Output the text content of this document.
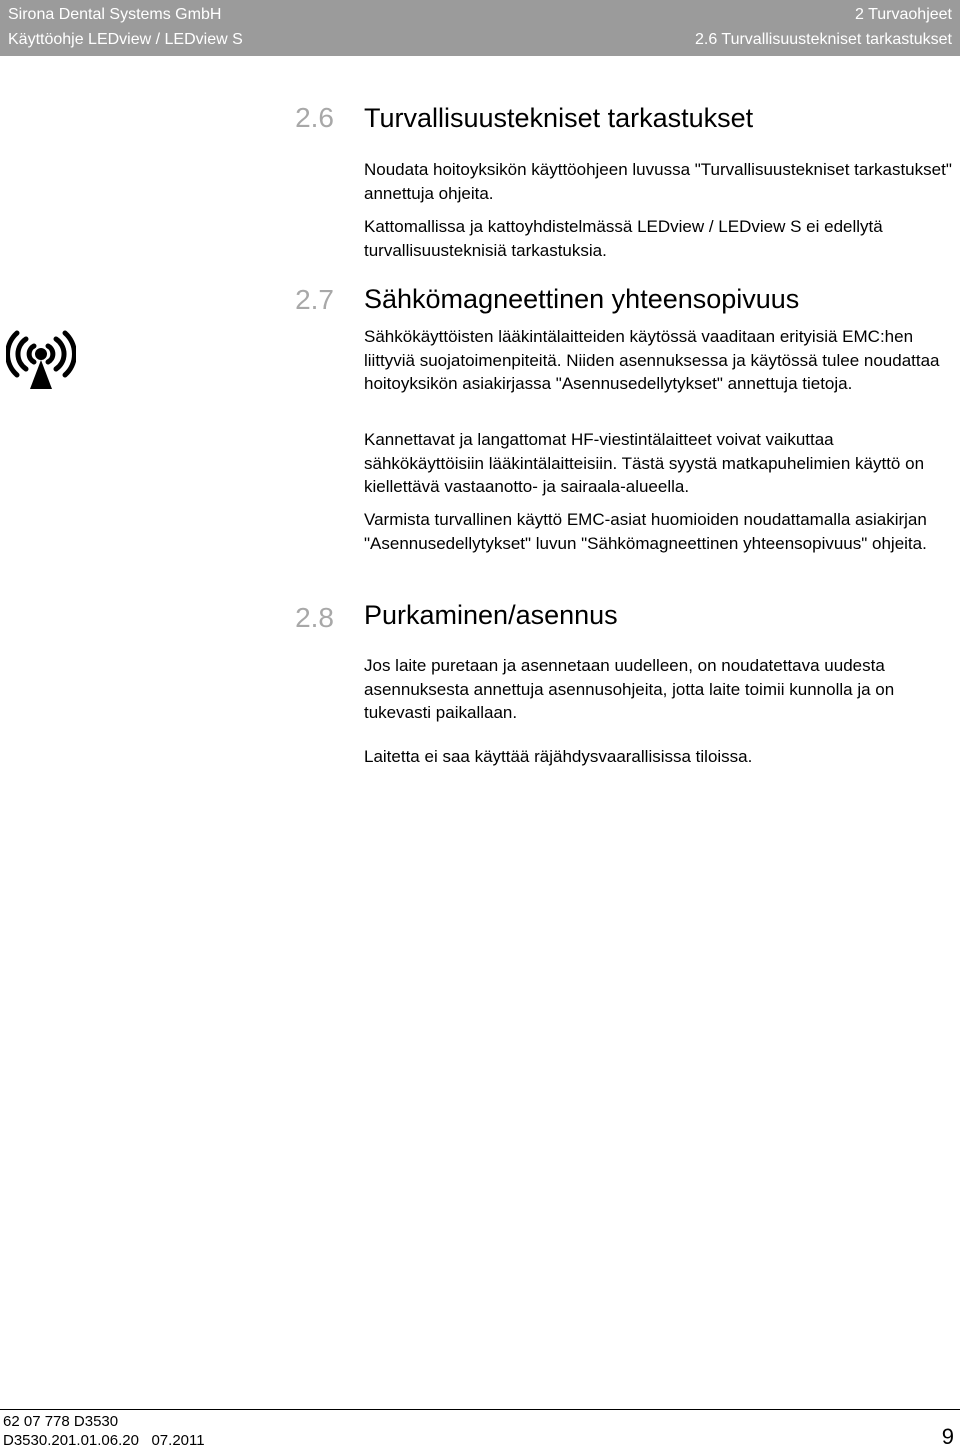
Sirona Dental Systems GmbH
Käyttöohje LEDview / LEDview S
2 Turvaohjeet
2.6 Turvallisuustekniset tarkastukset
2.6 Turvallisuustekniset tarkastukset
Noudata hoitoyksikön käyttöohjeen luvussa "Turvallisuustekniset tarkastukset" annettuja ohjeita.
Kattomallissa ja kattoyhdistelmässä LEDview / LEDview S ei edellytä turvallisuusteknisiä tarkastuksia.
2.7 Sähkömagneettinen yhteensopivuus
Sähkökäyttöisten lääkintälaitteiden käytössä vaaditaan erityisiä EMC:hen liittyviä suojatoimenpiteitä. Niiden asennuksessa ja käytössä tulee noudattaa hoitoyksikön asiakirjassa "Asennusedellytykset" annettuja tietoja.
Kannettavat ja langattomat HF-viestintälaitteet voivat vaikuttaa sähkökäyttöisiin lääkintälaitteisiin. Tästä syystä matkapuhelimien käyttö on kiellettävä vastaanotto- ja sairaala-alueella.
Varmista turvallinen käyttö EMC-asiat huomioiden noudattamalla asiakirjan "Asennusedellytykset" luvun "Sähkömagneettinen yhteensopivuus" ohjeita.
2.8 Purkaminen/asennus
Jos laite puretaan ja asennetaan uudelleen, on noudatettava uudesta asennuksesta annettuja asennusohjeita, jotta laite toimii kunnolla ja on tukevasti paikallaan.
Laitetta ei saa käyttää räjähdysvaarallisissa tiloissa.
62 07 778 D3530
D3530.201.01.06.20 07.2011	9
